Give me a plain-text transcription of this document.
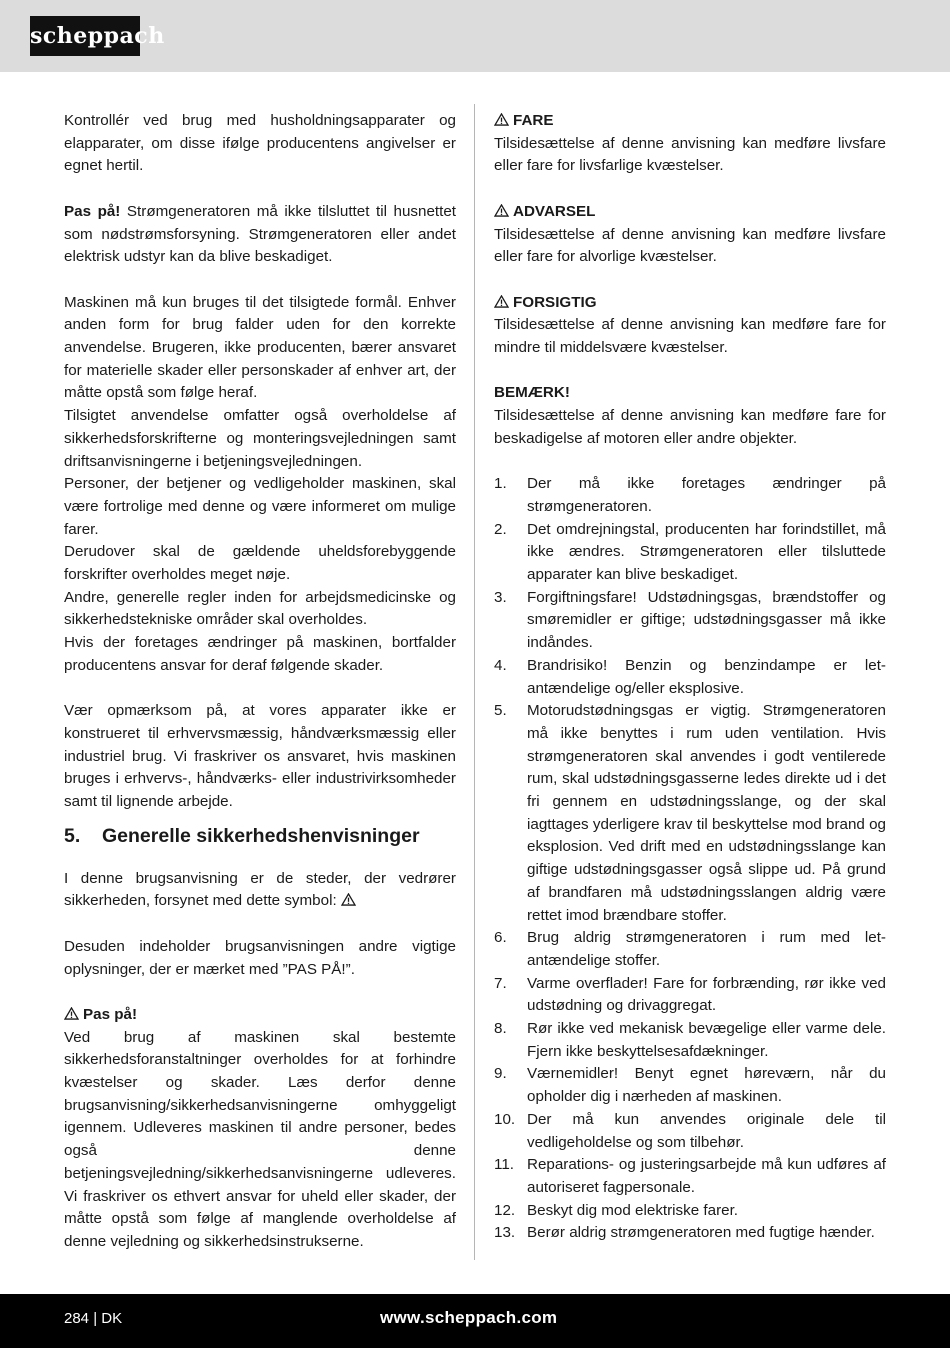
scheppach

Kontrollér ved brug med husholdningsapparater og elapparater, om disse ifølge producentens angivelser er egnet hertil.

Pas på! Strømgeneratoren må ikke tilsluttet til husnettet som nødstrømsforsyning. Strømgeneratoren eller andet elektrisk udstyr kan da blive beskadiget.

Maskinen må kun bruges til det tilsigtede formål. Enhver anden form for brug falder uden for den korrekte anvendelse. Brugeren, ikke producenten, bærer ansvaret for materielle skader eller personskader af enhver art, der måtte opstå som følge heraf.

Tilsigtet anvendelse omfatter også overholdelse af sikkerhedsforskrifterne og monteringsvejledningen samt driftsanvisningerne i betjeningsvejledningen.

Personer, der betjener og vedligeholder maskinen, skal være fortrolige med denne og være informeret om mulige farer.

Derudover skal de gældende uheldsforebyggende forskrifter overholdes meget nøje.

Andre, generelle regler inden for arbejdsmedicinske og sikkerhedstekniske områder skal overholdes.

Hvis der foretages ændringer på maskinen, bortfalder producentens ansvar for deraf følgende skader.

Vær opmærksom på, at vores apparater ikke er konstrueret til erhvervsmæssig, håndværksmæssig eller industriel brug. Vi fraskriver os ansvaret, hvis maskinen bruges i erhvervs-, håndværks- eller industrivirksomheder samt til lignende arbejde.

5. Generelle sikkerhedshenvisninger

I denne brugsanvisning er de steder, der vedrører sikkerheden, forsynet med dette symbol:

Desuden indeholder brugsanvisningen andre vigtige oplysninger, der er mærket med ”PAS PÅ!”.

Pas på!

Ved brug af maskinen skal bestemte sikkerhedsforanstaltninger overholdes for at forhindre kvæstelser og skader. Læs derfor denne brugsanvisning/sikkerhedsanvisningerne omhyggeligt igennem. Udleveres maskinen til andre personer, bedes også denne betjeningsvejledning/sikkerhedsanvisningerne udleveres. Vi fraskriver os ethvert ansvar for uheld eller skader, der måtte opstå som følge af manglende overholdelse af denne vejledning og sikkerhedsinstrukserne.

FARE

Tilsidesættelse af denne anvisning kan medføre livsfare eller fare for livsfarlige kvæstelser.

ADVARSEL

Tilsidesættelse af denne anvisning kan medføre livsfare eller fare for alvorlige kvæstelser.

FORSIGTIG

Tilsidesættelse af denne anvisning kan medføre fare for mindre til middelsvære kvæstelser.

BEMÆRK!

Tilsidesættelse af denne anvisning kan medføre fare for beskadigelse af motoren eller andre objekter.

1. Der må ikke foretages ændringer på strømgeneratoren.
2. Det omdrejningstal, producenten har forindstillet, må ikke ændres. Strømgeneratoren eller tilsluttede apparater kan blive beskadiget.
3. Forgiftningsfare! Udstødningsgas, brændstoffer og smøremidler er giftige; udstødningsgasser må ikke indåndes.
4. Brandrisiko! Benzin og benzindampe er let-antændelige og/eller eksplosive.
5. Motorudstødningsgas er vigtig. Strømgeneratoren må ikke benyttes i rum uden ventilation. Hvis strømgeneratoren skal anvendes i godt ventilerede rum, skal udstødningsgasserne ledes direkte ud i det fri gennem en udstødningsslange, og der skal iagttages yderligere krav til beskyttelse mod brand og eksplosion. Ved drift med en udstødningsslange kan giftige udstødningsgasser også slippe ud. På grund af brandfaren må udstødningsslangen aldrig være rettet imod brændbare stoffer.
6. Brug aldrig strømgeneratoren i rum med let-antændelige stoffer.
7. Varme overflader! Fare for forbrænding, rør ikke ved udstødning og drivaggregat.
8. Rør ikke ved mekanisk bevægelige eller varme dele. Fjern ikke beskyttelsesafdækninger.
9. Værnemidler! Benyt egnet høreværn, når du opholder dig i nærheden af maskinen.
10. Der må kun anvendes originale dele til vedligeholdelse og som tilbehør.
11. Reparations- og justeringsarbejde må kun udføres af autoriseret fagpersonale.
12. Beskyt dig mod elektriske farer.
13. Berør aldrig strømgeneratoren med fugtige hænder.
284 | DK	www.scheppach.com
